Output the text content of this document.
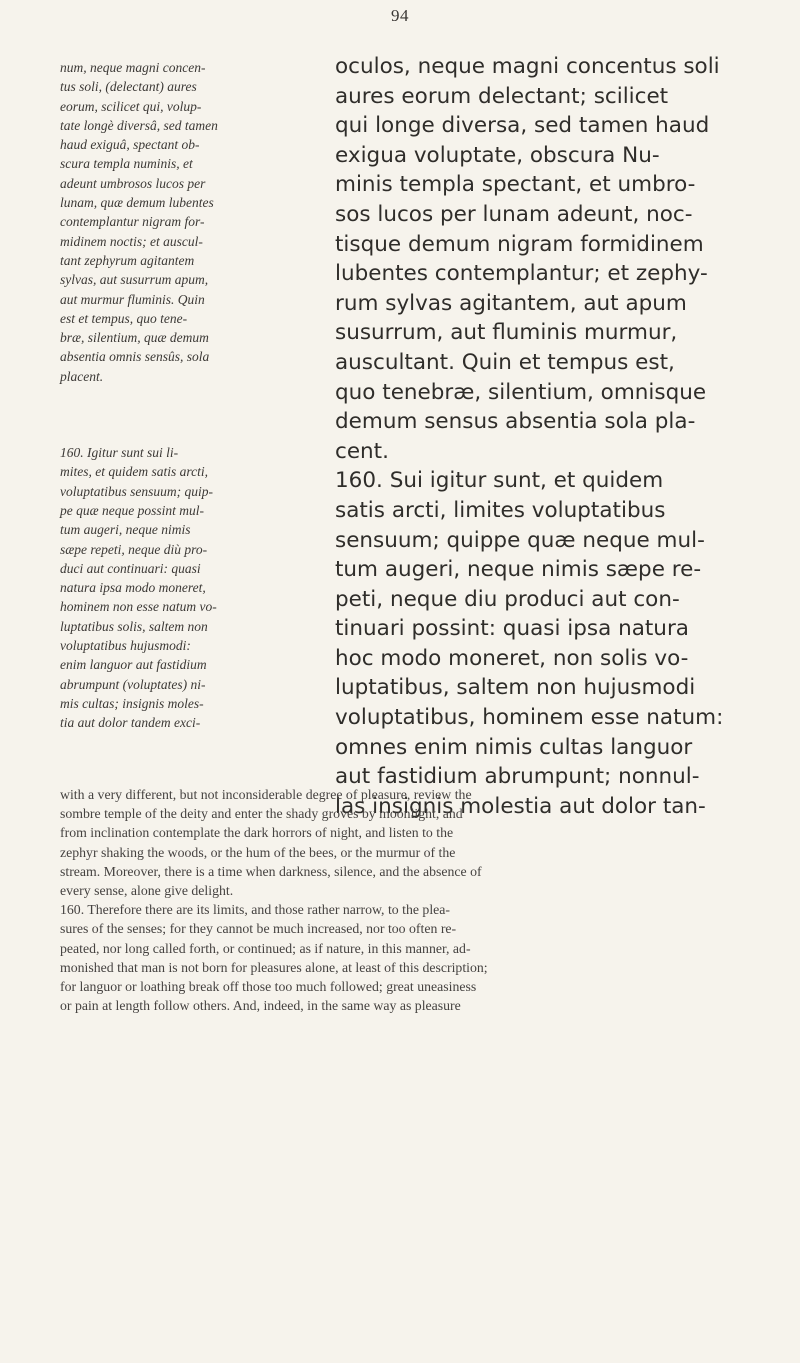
94

num, neque magni concen-
tus soli, (delectant) aures
eorum, scilicet qui, volup-
tate longè diversâ, sed tamen
haud exiguâ, spectant ob-
scura templa numinis, et
adeunt umbrosos lucos per
lunam, quæ demum lubentes
contemplantur nigram for-
midinem noctis; et auscul-
tant zephyrum agitantem
sylvas, aut susurrum apum,
aut murmur fluminis. Quin
est et tempus, quo tene-
bræ, silentium, quæ demum
absentia omnis sensûs, sola
placent.

160. Igitur sunt sui li-
mites, et quidem satis arcti,
voluptatibus sensuum; quip-
pe quæ neque possint mul-
tum augeri, neque nimis
sæpe repeti, neque diù pro-
duci aut continuari: quasi
natura ipsa modo moneret,
hominem non esse natum vo-
luptatibus solis, saltem non
voluptatibus hujusmodi:
enim languor aut fastidium
abrumpunt (voluptates) ni-
mis cultas; insignis moles-
tia aut dolor tandem exci-

oculos, neque magni concentus soli
aures eorum delectant; scilicet
qui longe diversa, sed tamen haud
exigua voluptate, obscura Nu-
minis templa spectant, et umbro-
sos lucos per lunam adeunt, noc-
tisque demum nigram formidinem
lubentes contemplantur; et zephy-
rum sylvas agitantem, aut apum
susurrum, aut fluminis murmur,
auscultant. Quin et tempus est,
quo tenebræ, silentium, omnisque
demum sensus absentia sola pla-
cent.

160. Sui igitur sunt, et quidem
satis arcti, limites voluptatibus
sensuum; quippe quæ neque mul-
tum augeri, neque nimis sæpe re-
peti, neque diu produci aut con-
tinuari possint: quasi ipsa natura
hoc modo moneret, non solis vo-
luptatibus, saltem non hujusmodi
voluptatibus, hominem esse natum:
omnes enim nimis cultas languor
aut fastidium abrumpunt; nonnul-
las insignis molestia aut dolor tan-

with a very different, but not inconsiderable degree of pleasure, review the
sombre temple of the deity and enter the shady groves by moonlight, and
from inclination contemplate the dark horrors of night, and listen to the
zephyr shaking the woods, or the hum of the bees, or the murmur of the
stream. Moreover, there is a time when darkness, silence, and the absence of
every sense, alone give delight.

160. Therefore there are its limits, and those rather narrow, to the plea-
sures of the senses; for they cannot be much increased, nor too often re-
peated, nor long called forth, or continued; as if nature, in this manner, ad-
monished that man is not born for pleasures alone, at least of this description;
for languor or loathing break off those too much followed; great uneasiness
or pain at length follow others. And, indeed, in the same way as pleasure
